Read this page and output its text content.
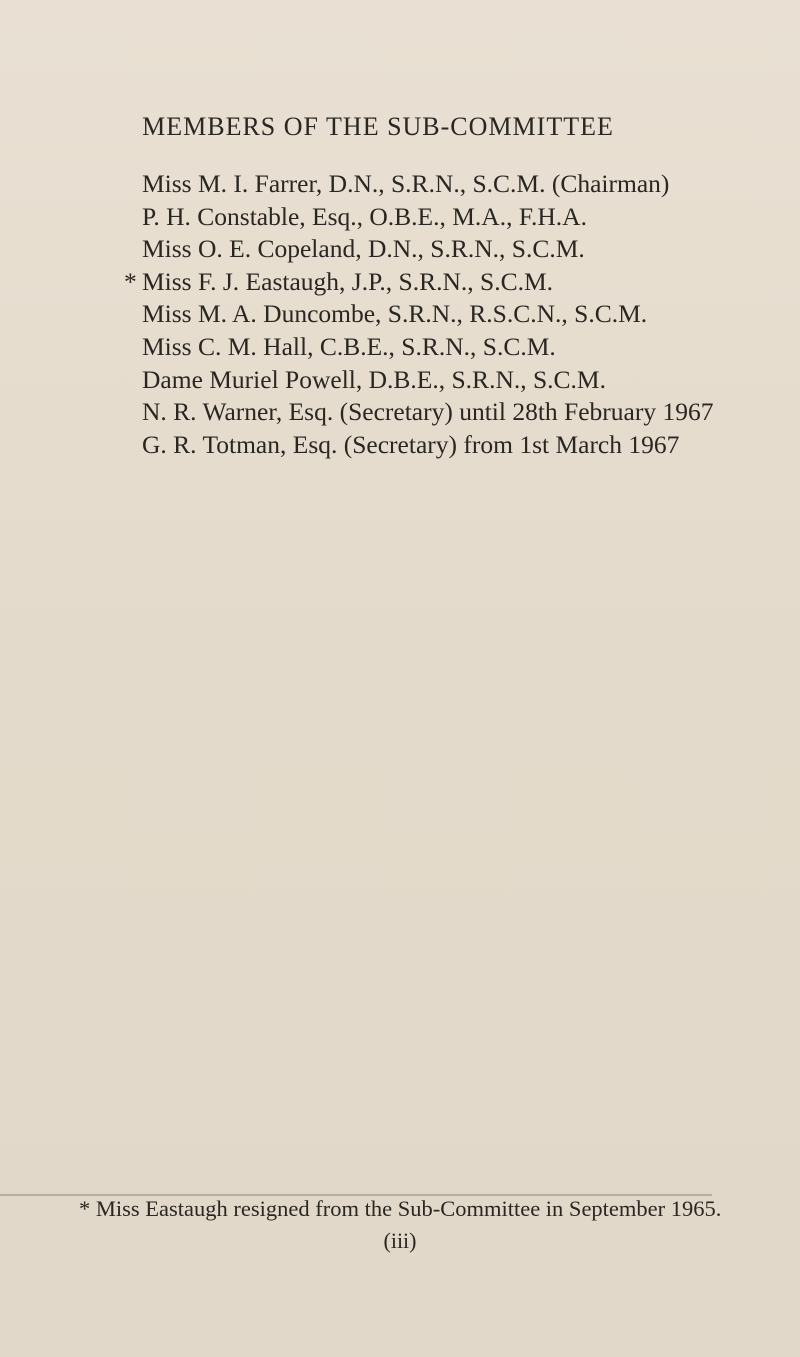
MEMBERS OF THE SUB-COMMITTEE
Miss M. I. Farrer, D.N., S.R.N., S.C.M. (Chairman)
P. H. Constable, Esq., O.B.E., M.A., F.H.A.
Miss O. E. Copeland, D.N., S.R.N., S.C.M.
* Miss F. J. Eastaugh, J.P., S.R.N., S.C.M.
Miss M. A. Duncombe, S.R.N., R.S.C.N., S.C.M.
Miss C. M. Hall, C.B.E., S.R.N., S.C.M.
Dame Muriel Powell, D.B.E., S.R.N., S.C.M.
N. R. Warner, Esq. (Secretary) until 28th February 1967
G. R. Totman, Esq. (Secretary) from 1st March 1967
* Miss Eastaugh resigned from the Sub-Committee in September 1965.
(iii)
